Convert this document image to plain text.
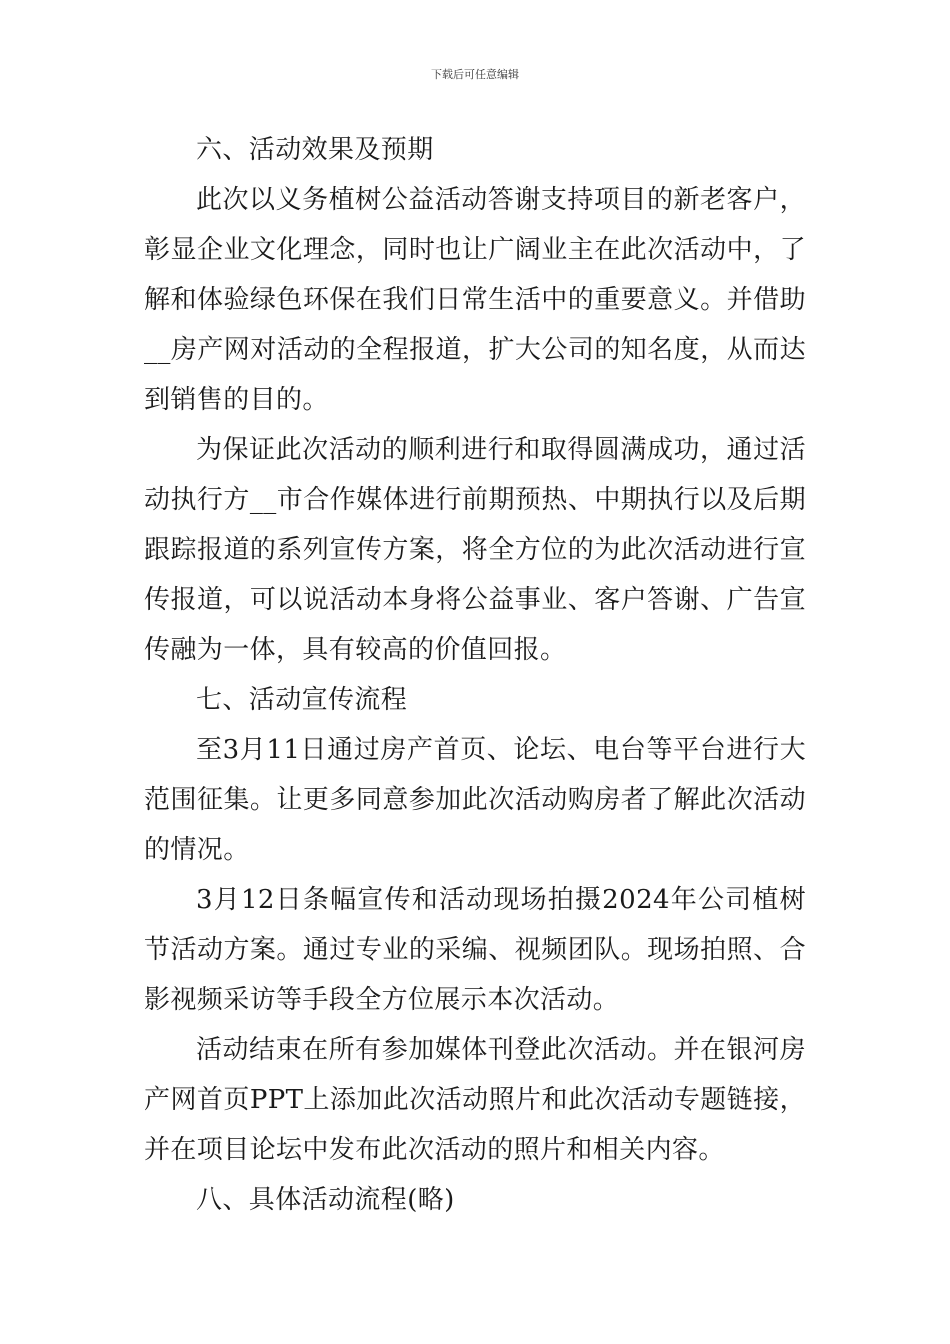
下载后可任意编辑

六、活动效果及预期

此次以义务植树公益活动答谢支持项目的新老客户，彰显企业文化理念，同时也让广阔业主在此次活动中，了解和体验绿色环保在我们日常生活中的重要意义。并借助__房产网对活动的全程报道，扩大公司的知名度，从而达到销售的目的。

为保证此次活动的顺利进行和取得圆满成功，通过活动执行方__市合作媒体进行前期预热、中期执行以及后期跟踪报道的系列宣传方案，将全方位的为此次活动进行宣传报道，可以说活动本身将公益事业、客户答谢、广告宣传融为一体，具有较高的价值回报。

七、活动宣传流程

至3月11日通过房产首页、论坛、电台等平台进行大范围征集。让更多同意参加此次活动购房者了解此次活动的情况。

3月12日条幅宣传和活动现场拍摄2024年公司植树节活动方案。通过专业的采编、视频团队。现场拍照、合影视频采访等手段全方位展示本次活动。

活动结束在所有参加媒体刊登此次活动。并在银河房产网首页PPT上添加此次活动照片和此次活动专题链接，并在项目论坛中发布此次活动的照片和相关内容。

八、具体活动流程(略)
